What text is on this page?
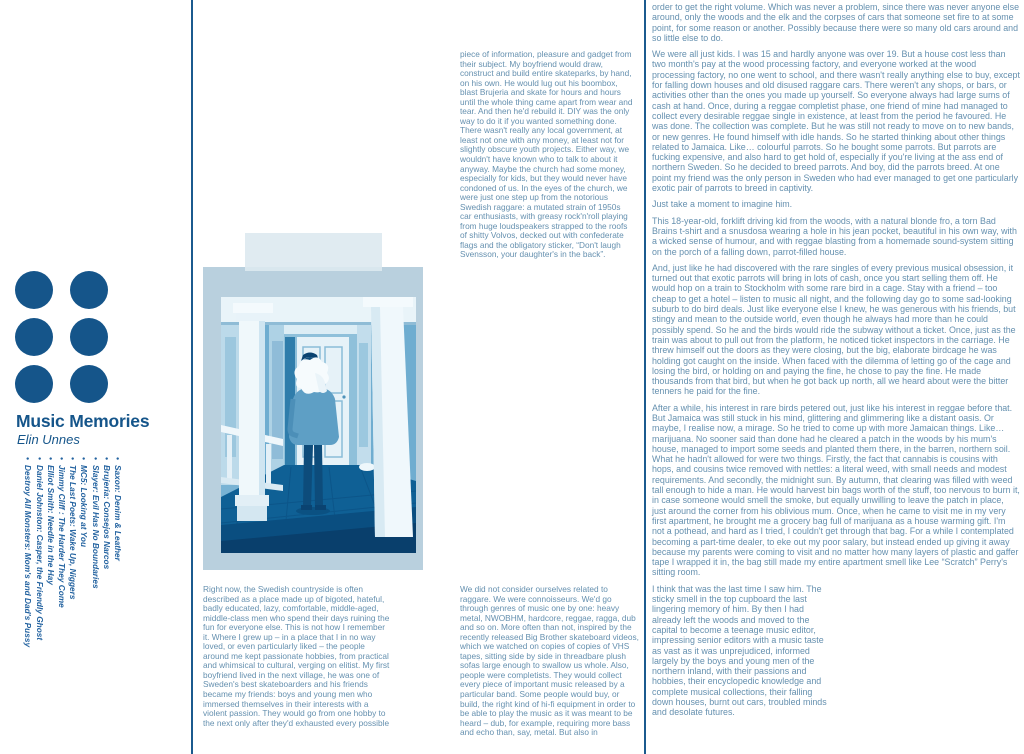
Music Memories
Elin Unnes
•Saxon: Denim & Leather
•Brujeria: Consejos Narcos
•Slayer: Evil Has No Boundaries
•MC5: Looking at You
•The Last Poets: Wake Up, Niggers
•Jimmy Cliff : The Harder They Come
•Elliot Smith: Needle in the Hay
•Daniel Johnston: Casper, the Friendly Ghost
•Destroy All Monsters: Mom's and Dad's Pussy
piece of information, pleasure and gadget from their subject. My boyfriend would draw, construct and build entire skateparks, by hand, on his own. He would lug out his boombox, blast Brujeria and skate for hours and hours until the whole thing came apart from wear and tear. And then he'd rebuild it. DIY was the only way to do it if you wanted something done. There wasn't really any local government, at least not one with any money, at least not for slightly obscure youth projects. Either way, we wouldn't have known who to talk to about it anyway. Maybe the church had some money, especially for kids, but they would never have condoned of us. In the eyes of the church, we were just one step up from the notorious Swedish raggare: a mutated strain of 1950s car enthusiasts, with greasy rock'n'roll playing from huge loudspeakers strapped to the roofs of shitty Volvos, decked out with confederate flags and the obligatory sticker, “Don't laugh Svensson, your daughter's in the back”.
Right now, the Swedish countryside is often described as a place made up of bigoted, hateful, badly educated, lazy, comfortable, middle-aged, middle-class men who spend their days ruining the fun for everyone else. This is not how I remember it. Where I grew up – in a place that I in no way loved, or even particularly liked – the people around me kept passionate hobbies, from practical and whimsical to cultural, verging on elitist. My first boyfriend lived in the next village, he was one of Sweden's best skateboarders and his friends became my friends: boys and young men who immersed themselves in their interests with a violent passion. They would go from one hobby to the next only after they'd exhausted every possible
We did not consider ourselves related to raggare. We were connoisseurs. We'd go through genres of music one by one: heavy metal, NWOBHM, hardcore, reggae, ragga, dub and so on. More often than not, inspired by the recently released Big Brother skateboard videos, which we watched on copies of copies of VHS tapes, sitting side by side in threadbare plush sofas large enough to swallow us whole. Also, people were completists. They would collect every piece of important music released by a particular band. Some people would buy, or build, the right kind of hi-fi equipment in order to be able to play the music as it was meant to be heard – dub, for example, requiring more bass and echo than, say, metal. But also in

order to get the right volume. Which was never a problem, since there was never anyone else around, only the woods and the elk and the corpses of cars that someone set fire to at some point, for some reason or another. Possibly because there were so many old cars around and so little else to do.

We were all just kids. I was 15 and hardly anyone was over 19. But a house cost less than two month's pay at the wood processing factory, and everyone worked at the wood processing factory, no one went to school, and there wasn't really anything else to buy, except for falling down houses and old disused raggare cars. There weren't any shops, or bars, or activities other than the ones you made up yourself. So everyone always had large sums of cash at hand. Once, during a reggae completist phase, one friend of mine had managed to collect every desirable reggae single in existence, at least from the period he favoured. He was done. The collection was complete. But he was still not ready to move on to new bands, or new genres. He found himself with idle hands. So he started thinking about other things related to Jamaica. Like… colourful parrots. So he bought some parrots. But parrots are fucking expensive, and also hard to get hold of, especially if you're living at the ass end of northern Sweden. So he decided to breed parrots. And boy, did the parrots breed. At one point my friend was the only person in Sweden who had ever managed to get one particularly exotic pair of parrots to breed in captivity.

Just take a moment to imagine him.

This 18-year-old, forklift driving kid from the woods, with a natural blonde fro, a torn Bad Brains t-shirt and a snusdosa wearing a hole in his jean pocket, beautiful in his own way, with a wicked sense of humour, and with reggae blasting from a homemade sound-system sitting on the porch of a falling down, parrot-filled house.

And, just like he had discovered with the rare singles of every previous musical obsession, it turned out that exotic parrots will bring in lots of cash, once you start selling them off. He would hop on a train to Stockholm with some rare bird in a cage. Stay with a friend – too cheap to get a hotel – listen to music all night, and the following day go to some sad-looking suburb to do bird deals. Just like everyone else I knew, he was generous with his friends, but stingy and mean to the outside world, even though he always had more than he could possibly spend. So he and the birds would ride the subway without a ticket. Once, just as the train was about to pull out from the platform, he noticed ticket inspectors in the carriage. He threw himself out the doors as they were closing, but the big, elaborate birdcage he was holding got caught on the inside. When faced with the dilemma of letting go of the cage and losing the bird, or holding on and paying the fine, he chose to pay the fine. He made thousands from that bird, but when he got back up north, all we heard about were the bitter tenners he paid for the fine.

After a while, his interest in rare birds petered out, just like his interest in reggae before that. But Jamaica was still stuck in his mind, glittering and glimmering like a distant oasis. Or maybe, I realise now, a mirage. So he tried to come up with more Jamaican things. Like… marijuana. No sooner said than done had he cleared a patch in the woods by his mum's house, managed to import some seeds and planted them there, in the barren, northern soil. What he hadn't allowed for were two things. Firstly, the fact that cannabis is cousins with hops, and cousins twice removed with nettles: a literal weed, with small needs and modest requirements. And secondly, the midnight sun. By autumn, that clearing was filled with weed tall enough to hide a man. He would harvest bin bags worth of the stuff, too nervous to burn it, in case someone would smell the smoke, but equally unwilling to leave the patch in place, just around the corner from his oblivious mum. Once, when he came to visit me in my very first apartment, he brought me a grocery bag full of marijuana as a house warming gift. I'm not a pothead, and hard as I tried, I couldn't get through that bag. For a while I contemplated becoming a part-time dealer, to eke out my poor salary, but instead ended up giving it away because my parents were coming to visit and no matter how many layers of plastic and gaffer tape I wrapped it in, the bag still made my entire apartment smell like Lee “Scratch” Perry's sitting room.

I think that was the last time I saw him. The sticky smell in the top cupboard the last lingering memory of him. By then I had already left the woods and moved to the capital to become a teenage music editor, impressing senior editors with a music taste as vast as it was unprejudiced, informed largely by the boys and young men of the northern inland, with their passions and hobbies, their encyclopedic knowledge and complete musical collections, their falling down houses, burnt out cars, troubled minds and desolate futures.
